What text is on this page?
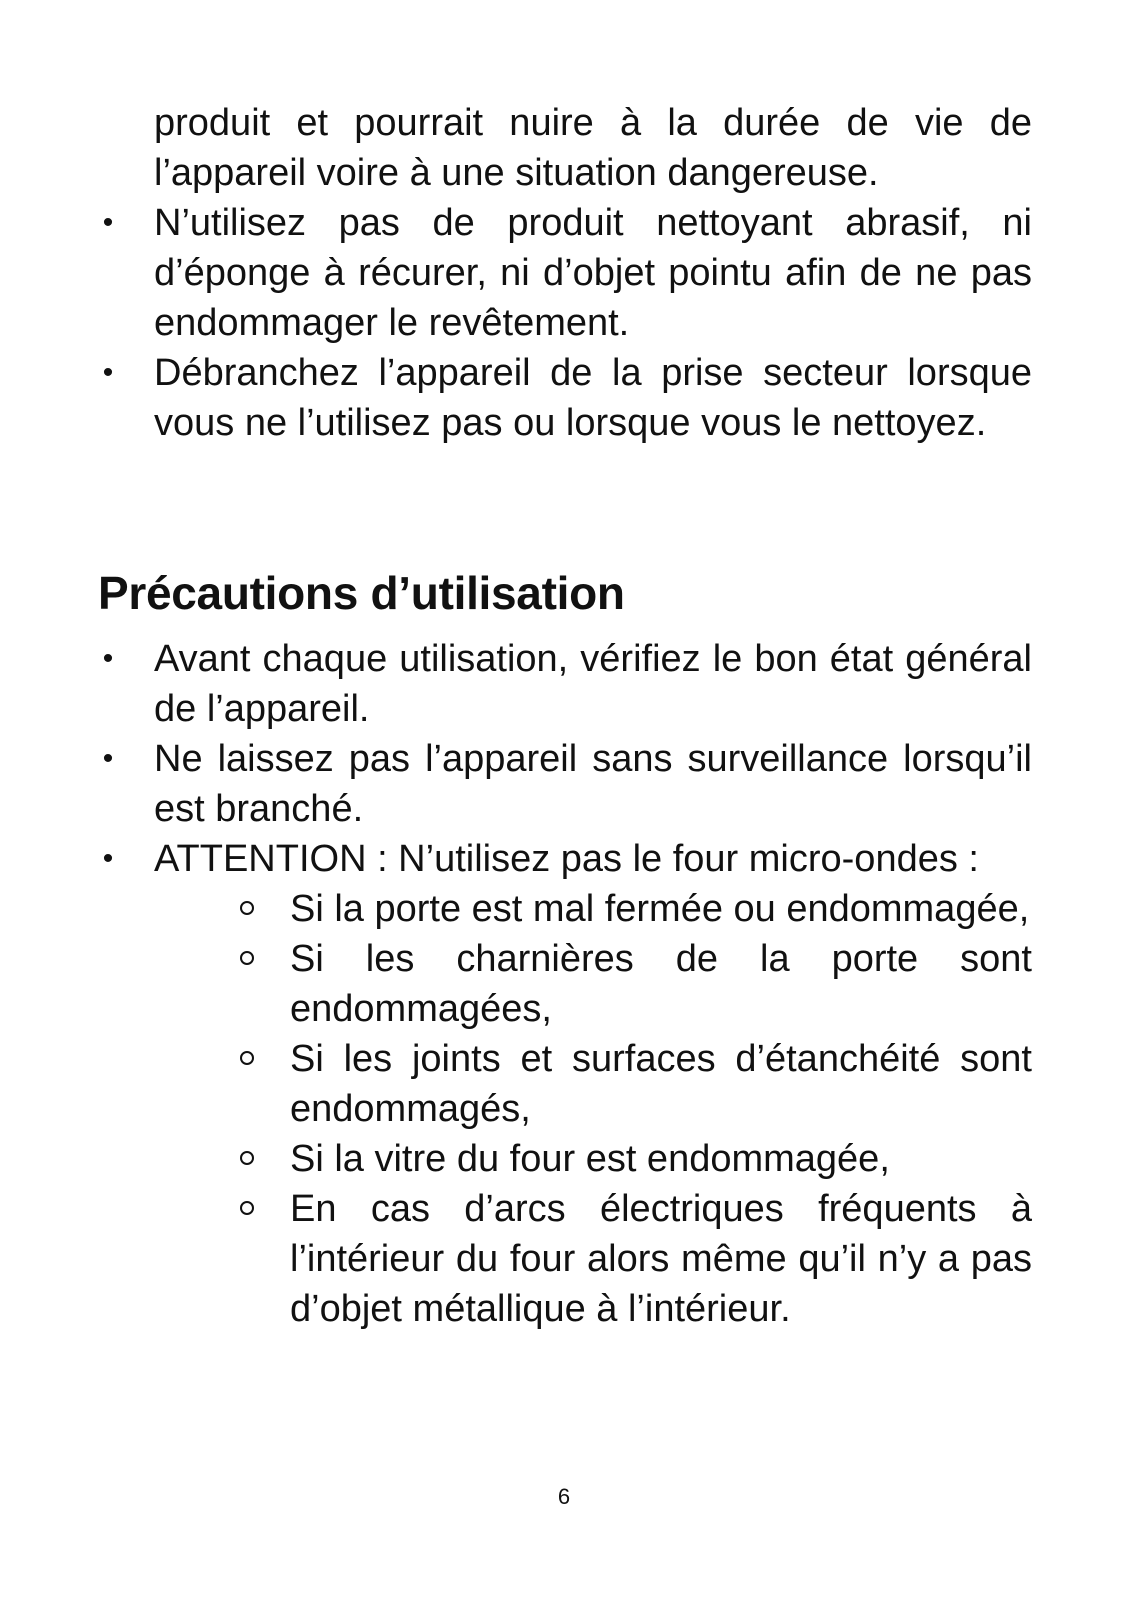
produit et pourrait nuire à la durée de vie de l’appareil voire à une situation dangereuse.

• N’utilisez pas de produit nettoyant abrasif, ni d’éponge à récurer, ni d’objet pointu afin de ne pas endommager le revêtement.
• Débranchez l’appareil de la prise secteur lorsque vous ne l’utilisez pas ou lorsque vous le nettoyez.
Précautions d’utilisation
• Avant chaque utilisation, vérifiez le bon état général de l’appareil.
• Ne laissez pas l’appareil sans surveillance lorsqu’il est branché.
• ATTENTION : N’utilisez pas le four micro-ondes :
Si la porte est mal fermée ou endommagée,
Si les charnières de la porte sont endommagées,
Si les joints et surfaces d’étanchéité sont endommagés,
Si la vitre du four est endommagée,
En cas d’arcs électriques fréquents à l’intérieur du four alors même qu’il n’y a pas d’objet métallique à l’intérieur.
6
